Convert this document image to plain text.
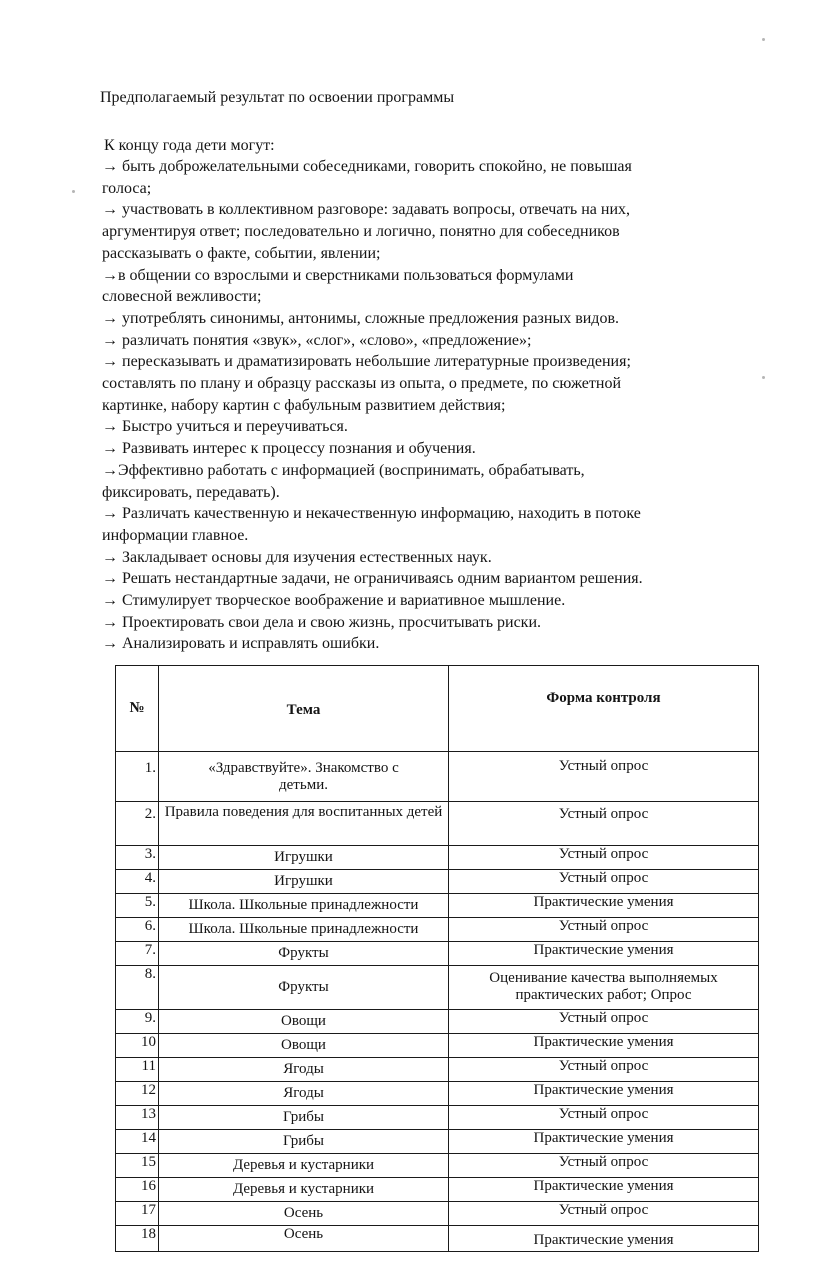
Предполагаемый результат по освоении программы
К концу года дети могут:
→ быть доброжелательными собеседниками, говорить спокойно, не повышая
голоса;
→ участвовать в коллективном разговоре: задавать вопросы, отвечать на них,
аргументируя ответ; последовательно и логично, понятно для собеседников
рассказывать о факте, событии, явлении;
→в общении со взрослыми и сверстниками пользоваться формулами
словесной вежливости;
→ употреблять синонимы, антонимы, сложные предложения разных видов.
→ различать понятия «звук», «слог», «слово», «предложение»;
→ пересказывать и драматизировать небольшие литературные произведения;
составлять по плану и образцу рассказы из опыта, о предмете, по сюжетной
картинке, набору картин с фабульным развитием действия;
→ Быстро учиться и переучиваться.
→ Развивать интерес к процессу познания и обучения.
→Эффективно работать с информацией (воспринимать, обрабатывать,
фиксировать, передавать).
→ Различать качественную и некачественную информацию, находить в потоке
информации главное.
→ Закладывает основы для изучения естественных наук.
→ Решать нестандартные задачи, не ограничиваясь одним вариантом решения.
→ Стимулирует творческое воображение и вариативное мышление.
→ Проектировать свои дела и свою жизнь, просчитывать риски.
→ Анализировать и исправлять ошибки.
№	Тема	Форма контроля
1.	«Здравствуйте». Знакомство с детьми.	Устный опрос
2.	Правила поведения для воспитанных детей	Устный опрос
3.	Игрушки	Устный опрос
4.	Игрушки	Устный опрос
5.	Школа. Школьные принадлежности	Практические умения
6.	Школа. Школьные принадлежности	Устный опрос
7.	Фрукты	Практические умения
8.	Фрукты	Оценивание качества выполняемых практических работ; Опрос
9.	Овощи	Устный опрос
10	Овощи	Практические умения
11	Ягоды	Устный опрос
12	Ягоды	Практические умения
13	Грибы	Устный опрос
14	Грибы	Практические умения
15	Деревья и кустарники	Устный опрос
16	Деревья и кустарники	Практические умения
17	Осень	Устный опрос
18	Осень	Практические умения
